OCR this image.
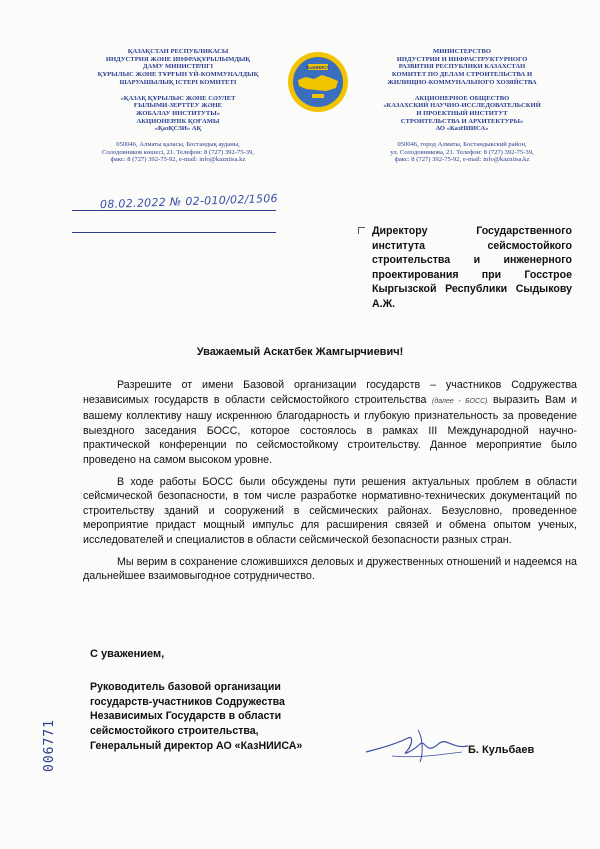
ҚАЗАҚСТАН РЕСПУБЛИКАСЫ
ИНДУСТРИЯ ЖӘНЕ ИНФРАҚҰРЫЛЫМДЫҚ
ДАМУ МИНИСТРЛІГІ
ҚҰРЫЛЫС ЖӘНЕ ТҰРҒЫН ҮЙ-КОММУНАЛДЫҚ
ШАРУАШЫЛЫҚ ІСТЕРІ КОМИТЕТІ
«ҚАЗАҚ ҚҰРЫЛЫС ЖӘНЕ СӘУЛЕТ
ҒЫЛЫМИ-ЗЕРТТЕУ ЖӘНЕ
ЖОБАЛАУ ИНСТИТУТЫ»
АКЦИОНЕРЛІК ҚОҒАМЫ
«ҚазҚСЗИ» АҚ
050046, Алматы қаласы, Бостандық ауданы,
Солодовников көшесі, 21. Телефон: 8 (727) 392-75-39,
факс: 8 (727) 392-75-92, e-mail: info@kazniisa.kz
КазНИИСА
МИНИСТЕРСТВО
ИНДУСТРИИ И ИНФРАСТРУКТУРНОГО
РАЗВИТИЯ РЕСПУБЛИКИ КАЗАХСТАН
КОМИТЕТ ПО ДЕЛАМ СТРОИТЕЛЬСТВА И
ЖИЛИЩНО-КОММУНАЛЬНОГО ХОЗЯЙСТВА
АКЦИОНЕРНОЕ ОБЩЕСТВО
«КАЗАХСКИЙ НАУЧНО-ИССЛЕДОВАТЕЛЬСКИЙ
И ПРОЕКТНЫЙ ИНСТИТУТ
СТРОИТЕЛЬСТВА И АРХИТЕКТУРЫ»
АО «КазНИИСА»
050046, город Алматы, Бостандыкский район,
ул. Солодовникова, 21. Телефон: 8 (727) 392-75-39,
факс: 8 (727) 392-75-92, e-mail: info@kazniisa.kz
08.02.2022 № 02-010/02/1506
Директору Государственного института сейсмостойкого строительства и инженерного проектирования при Госстрое Кыргызской Республики Сыдыкову А.Ж.
Уважаемый Аскатбек Жамгырчиевич!

Разрешите от имени Базовой организации государств – участников Содружества независимых государств в области сейсмостойкого строительства (далее - БОСС) выразить Вам и вашему коллективу нашу искреннюю благодарность и глубокую признательность за проведение выездного заседания БОСС, которое состоялось в рамках III Международной научно-практической конференции по сейсмостойкому строительству. Данное мероприятие было проведено на самом высоком уровне.

В ходе работы БОСС были обсуждены пути решения актуальных проблем в области сейсмической безопасности, в том числе разработке нормативно-технических документаций по строительству зданий и сооружений в сейсмических районах. Безусловно, проведенное мероприятие придаст мощный импульс для расширения связей и обмена опытом ученых, исследователей и специалистов в области сейсмической безопасности разных стран.

Мы верим в сохранение сложившихся деловых и дружественных отношений и надеемся на дальнейшее взаимовыгодное сотрудничество.

С уважением,
Руководитель базовой организации
государств-участников Содружества
Независимых Государств в области
сейсмостойкого строительства,
Генеральный директор АО «КазНИИСА»	Б. Кульбаев
006771
